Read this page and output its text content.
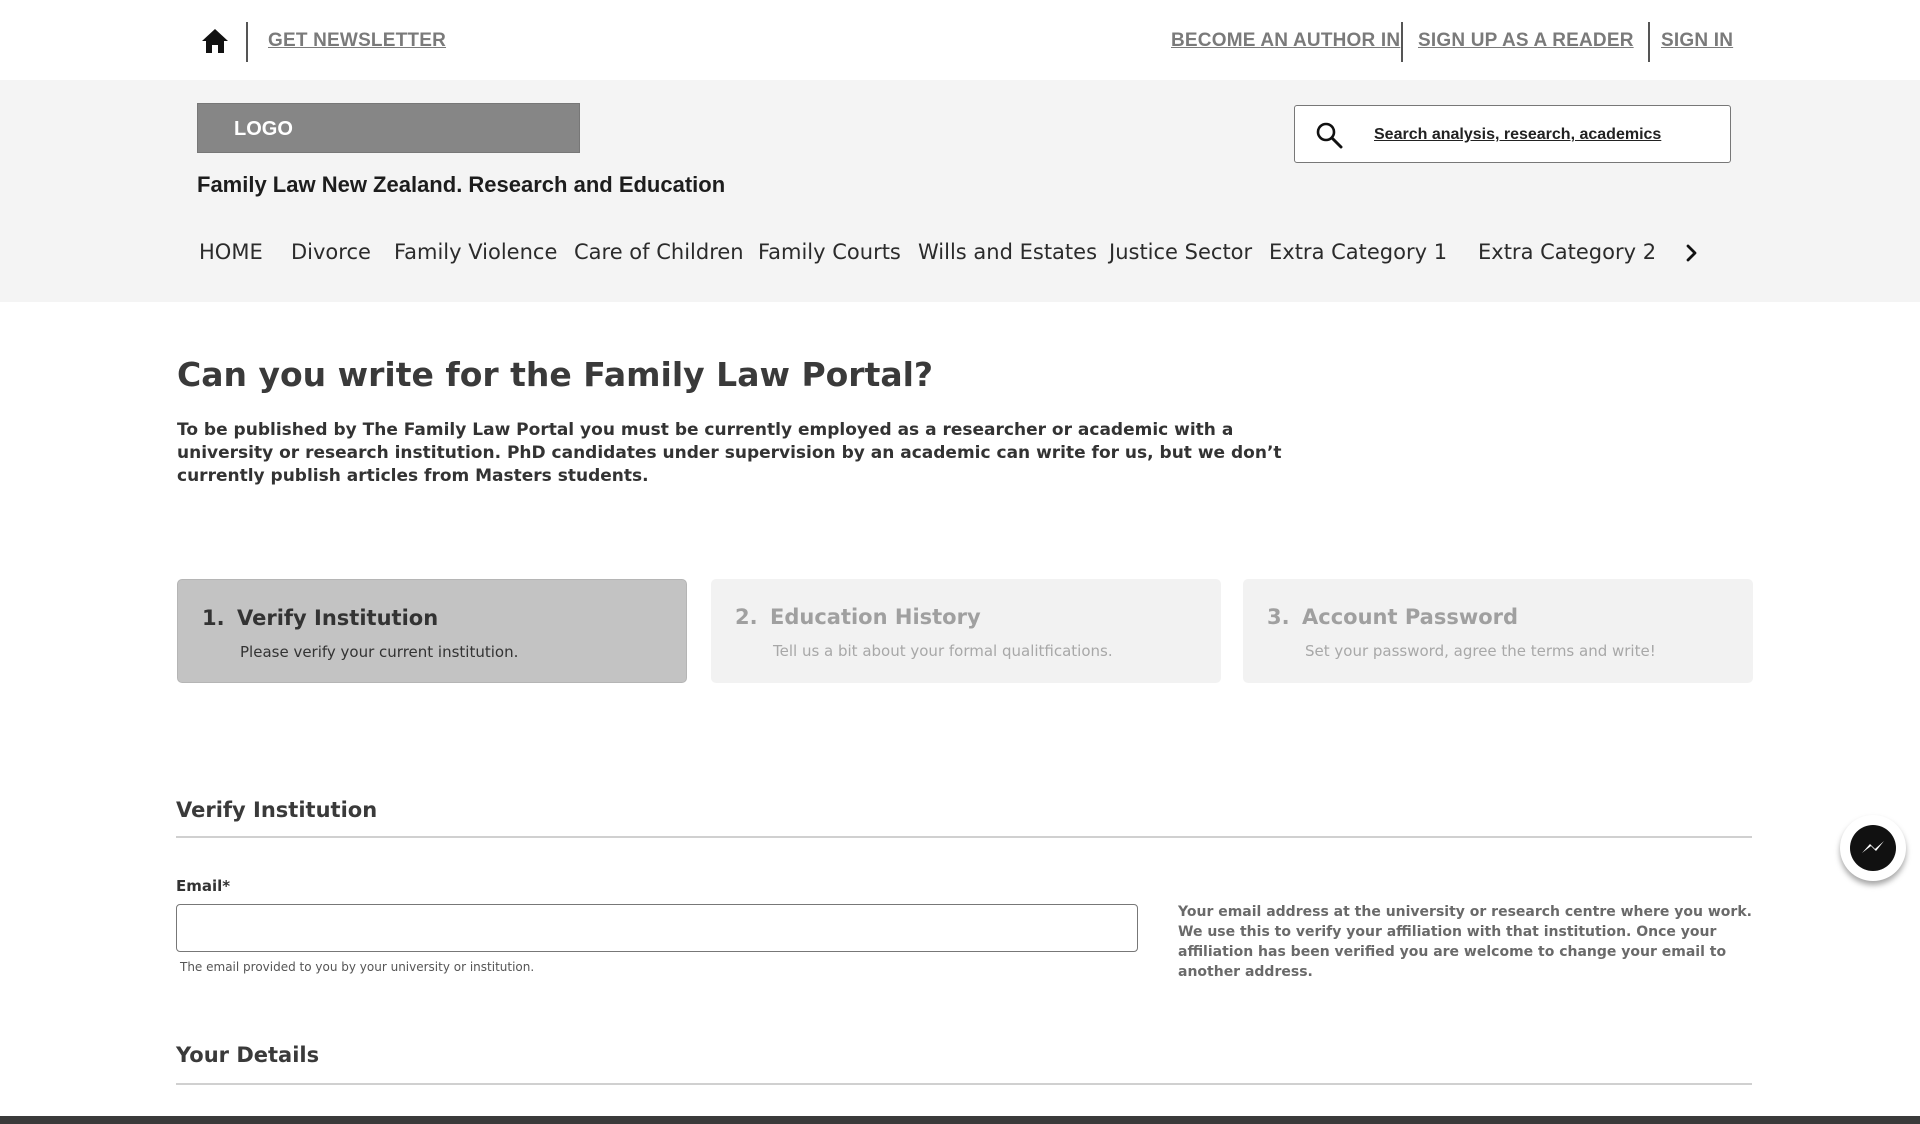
GET NEWSLETTER	BECOME AN AUTHOR IN SIGN UP AS A READER SIGN IN
LOGO
Family Law New Zealand. Research and Education
Search analysis, research, academics
HOME Divorce Family Violence Care of Children Family Courts Wills and Estates Justice Sector Extra Category 1 Extra Category 2
Can you write for the Family Law Portal?

To be published by The Family Law Portal you must be currently employed as a researcher or academic with a university or research institution. PhD candidates under supervision by an academic can write for us, but we don’t currently publish articles from Masters students.

1. Verify Institution
Please verify your current institution.
2. Education History
Tell us a bit about your formal qualitfications.
3. Account Password
Set your password, agree the terms and write!
Verify Institution
Email*
The email provided to you by your university or institution.

Your email address at the university or research centre where you work. We use this to verify your affiliation with that institution. Once your affiliation has been verified you are welcome to change your email to another address.

Your Details
